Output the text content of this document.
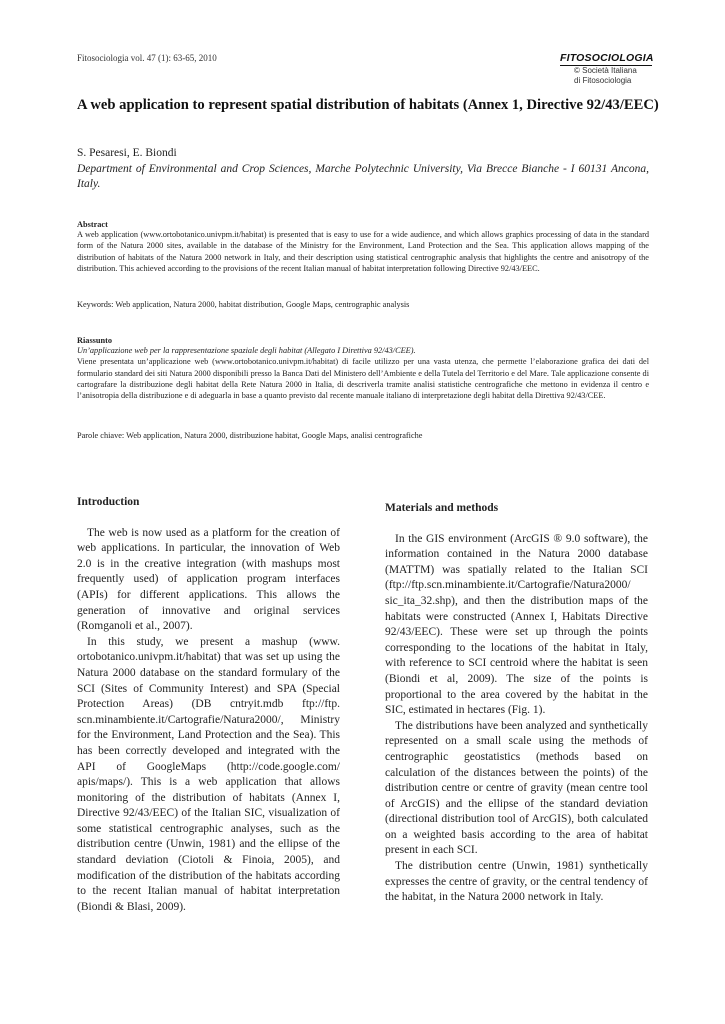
Fitosociologia vol. 47 (1): 63-65, 2010	FITOSOCIOLOGIA
© Società Italiana
di Fitosociologia
A web application to represent spatial distribution of habitats (Annex 1, Directive 92/43/EEC)
S. Pesaresi, E. Biondi
Department of Environmental and Crop Sciences, Marche Polytechnic University, Via Brecce Bianche - I 60131 Ancona, Italy.

Abstract

A web application (www.ortobotanico.univpm.it/habitat) is presented that is easy to use for a wide audience, and which allows graphics processing of data in the standard form of the Natura 2000 sites, available in the database of the Ministry for the Environment, Land Protection and the Sea. This application allows mapping of the distribution of habitats of the Natura 2000 network in Italy, and their description using statistical centrographic analysis that highlights the centre and anisotropy of the distribution. This achieved according to the provisions of the recent Italian manual of habitat interpretation following Directive 92/43/EEC.

Keywords: Web application, Natura 2000, habitat distribution, Google Maps, centrographic analysis

Riassunto

Un’applicazione web per la rappresentazione spaziale degli habitat (Allegato I Direttiva 92/43/CEE).

Viene presentata un’applicazione web (www.ortobotanico.univpm.it/habitat) di facile utilizzo per una vasta utenza, che permette l’elaborazione grafica dei dati del formulario standard dei siti Natura 2000 disponibili presso la Banca Dati del Ministero dell’Ambiente e della Tutela del Territorio e del Mare. Tale applicazione consente di cartografare la distribuzione degli habitat della Rete Natura 2000 in Italia, di descriverla tramite analisi statistiche centrografiche che mettono in evidenza il centro e l’anisotropia della distribuzione e di adeguarla in base a quanto previsto dal recente manuale italiano di interpretazione degli habitat della Direttiva 92/43/CEE.

Parole chiave: Web application, Natura 2000, distribuzione habitat, Google Maps, analisi centrografiche
Introduction

The web is now used as a platform for the creation of web applications. In particular, the innovation of Web 2.0 is in the creative integration (with mashups most frequently used) of application program interfaces (APIs) for different applications. This allows the generation of innovative and original services (Romganoli et al., 2007).

In this study, we present a mashup (www. ortobotanico.univpm.it/habitat) that was set up using the Natura 2000 database on the standard formulary of the SCI (Sites of Community Interest) and SPA (Special Protection Areas) (DB cntryit.mdb ftp://ftp. scn.minambiente.it/Cartografie/Natura2000/, Ministry for the Environment, Land Protection and the Sea). This has been correctly developed and integrated with the API of GoogleMaps (http://code.google.com/ apis/maps/). This is a web application that allows monitoring of the distribution of habitats (Annex I, Directive 92/43/EEC) of the Italian SIC, visualization of some statistical centrographic analyses, such as the distribution centre (Unwin, 1981) and the ellipse of the standard deviation (Ciotoli & Finoia, 2005), and modification of the distribution of the habitats according to the recent Italian manual of habitat interpretation (Biondi & Blasi, 2009).

Materials and methods

In the GIS environment (ArcGIS ® 9.0 software), the information contained in the Natura 2000 database (MATTM) was spatially related to the Italian SCI (ftp://ftp.scn.minambiente.it/Cartografie/Natura2000/ sic_ita_32.shp), and then the distribution maps of the habitats were constructed (Annex I, Habitats Directive 92/43/EEC). These were set up through the points corresponding to the locations of the habitat in Italy, with reference to SCI centroid where the habitat is seen (Biondi et al, 2009). The size of the points is proportional to the area covered by the habitat in the SIC, estimated in hectares (Fig. 1).

The distributions have been analyzed and synthetically represented on a small scale using the methods of centrographic geostatistics (methods based on calculation of the distances between the points) of the distribution centre or centre of gravity (mean centre tool of ArcGIS) and the ellipse of the standard deviation (directional distribution tool of ArcGIS), both calculated on a weighted basis according to the area of habitat present in each SCI.

The distribution centre (Unwin, 1981) synthetically expresses the centre of gravity, or the central tendency of the habitat, in the Natura 2000 network in Italy.
